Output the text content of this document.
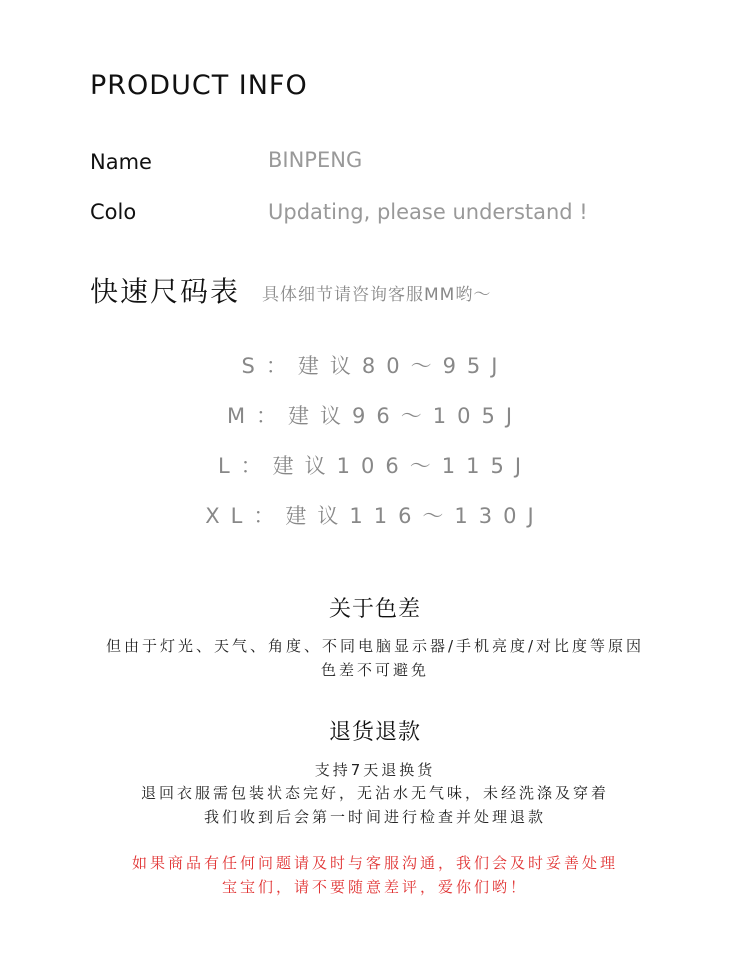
PRODUCT INFO
Name	BINPENG
Colo	Updating, please understand !
快速尺码表 具体细节请咨询客服MM哟～
S：建议80～95J
M：建议96～105J
L：建议106～115J
XL：建议116～130J
关于色差
但由于灯光、天气、角度、不同电脑显示器/手机亮度/对比度等原因
色差不可避免
退货退款
支持7天退换货
退回衣服需包装状态完好，无沾水无气味，未经洗涤及穿着
我们收到后会第一时间进行检查并处理退款
如果商品有任何问题请及时与客服沟通，我们会及时妥善处理
宝宝们，请不要随意差评，爱你们哟！
